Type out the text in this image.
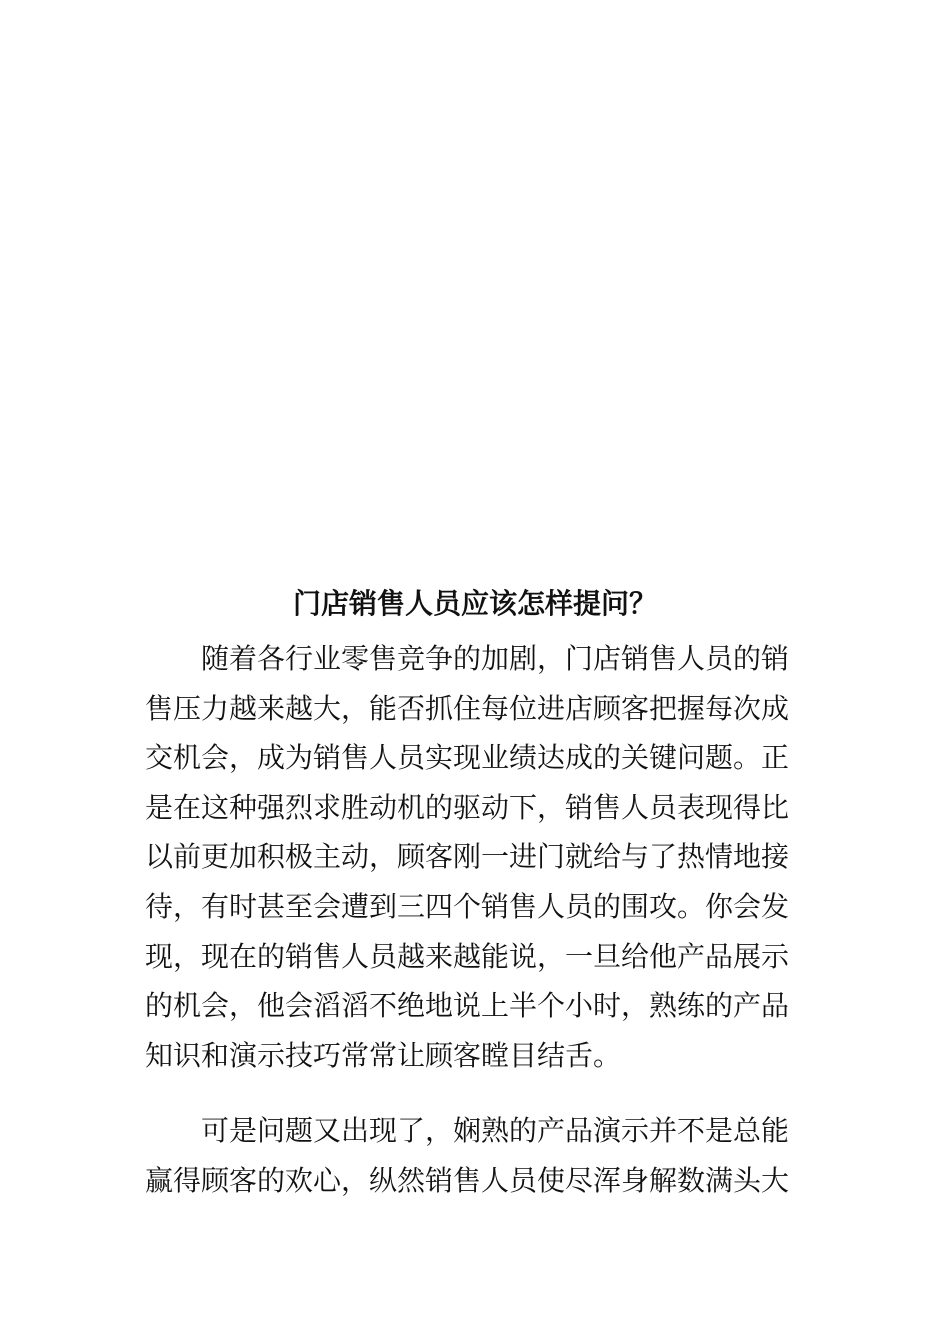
门店销售人员应该怎样提问？

随着各行业零售竞争的加剧，门店销售人员的销售压力越来越大，能否抓住每位进店顾客把握每次成交机会，成为销售人员实现业绩达成的关键问题。正是在这种强烈求胜动机的驱动下，销售人员表现得比以前更加积极主动，顾客刚一进门就给与了热情地接待，有时甚至会遭到三四个销售人员的围攻。你会发现，现在的销售人员越来越能说，一旦给他产品展示的机会，他会滔滔不绝地说上半个小时，熟练的产品知识和演示技巧常常让顾客瞠目结舌。

可是问题又出现了，娴熟的产品演示并不是总能赢得顾客的欢心，纵然销售人员使尽浑身解数满头大
